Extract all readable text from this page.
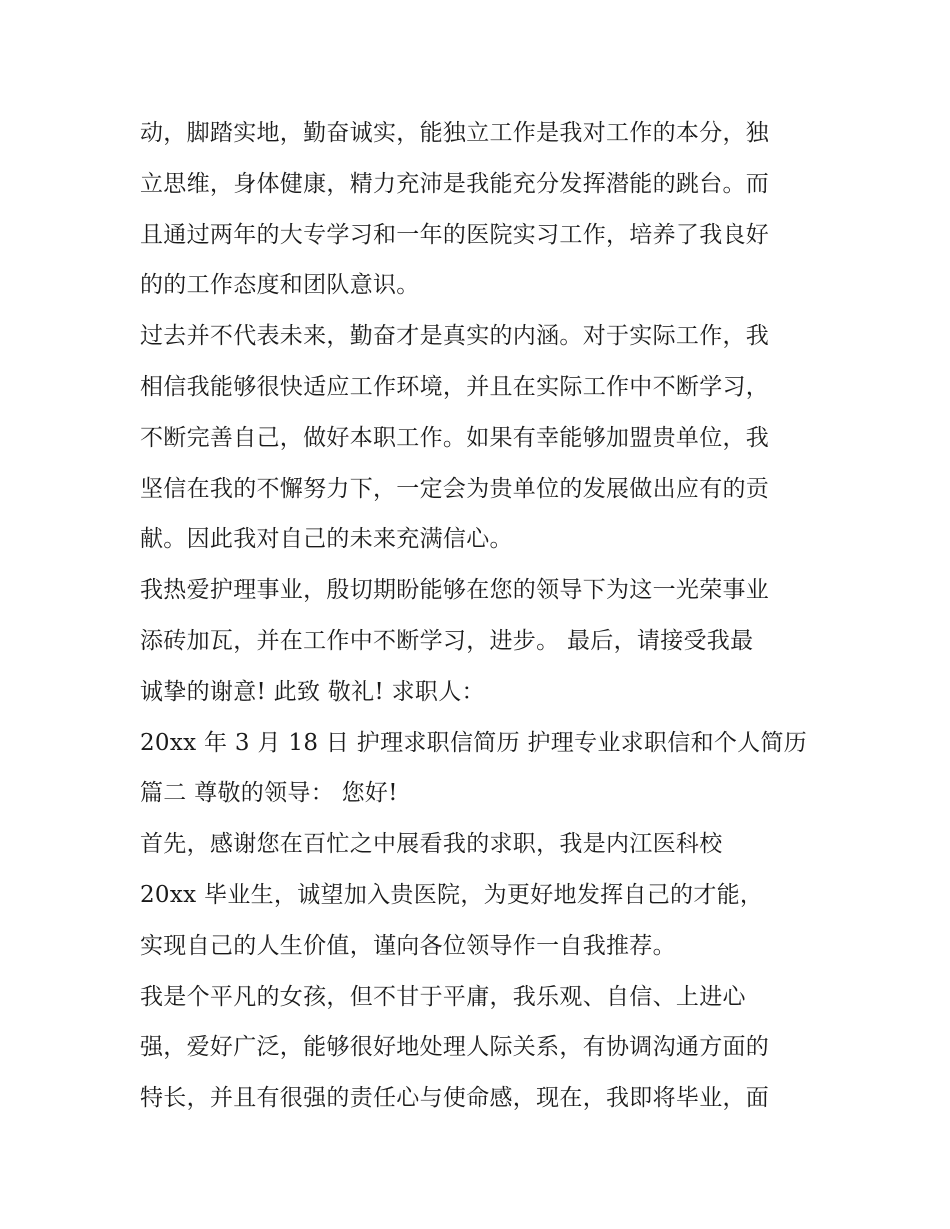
动，脚踏实地，勤奋诚实，能独立工作是我对工作的本分，独
立思维，身体健康，精力充沛是我能充分发挥潜能的跳台。而
且通过两年的大专学习和一年的医院实习工作，培养了我良好
的的工作态度和团队意识。
过去并不代表未来，勤奋才是真实的内涵。对于实际工作，我
相信我能够很快适应工作环境，并且在实际工作中不断学习，
不断完善自己，做好本职工作。如果有幸能够加盟贵单位，我
坚信在我的不懈努力下，一定会为贵单位的发展做出应有的贡
献。因此我对自己的未来充满信心。
我热爱护理事业，殷切期盼能够在您的领导下为这一光荣事业
添砖加瓦，并在工作中不断学习，进步。 最后，请接受我最
诚挚的谢意! 此致 敬礼! 求职人：
20xx 年 3 月 18 日 护理求职信简历 护理专业求职信和个人简历
篇二 尊敬的领导： 您好!
首先，感谢您在百忙之中展看我的求职，我是内江医科校
20xx 毕业生，诚望加入贵医院，为更好地发挥自己的才能，
实现自己的人生价值，谨向各位领导作一自我推荐。
我是个平凡的女孩，但不甘于平庸，我乐观、自信、上进心
强，爱好广泛，能够很好地处理人际关系，有协调沟通方面的
特长，并且有很强的责任心与使命感，现在，我即将毕业，面
